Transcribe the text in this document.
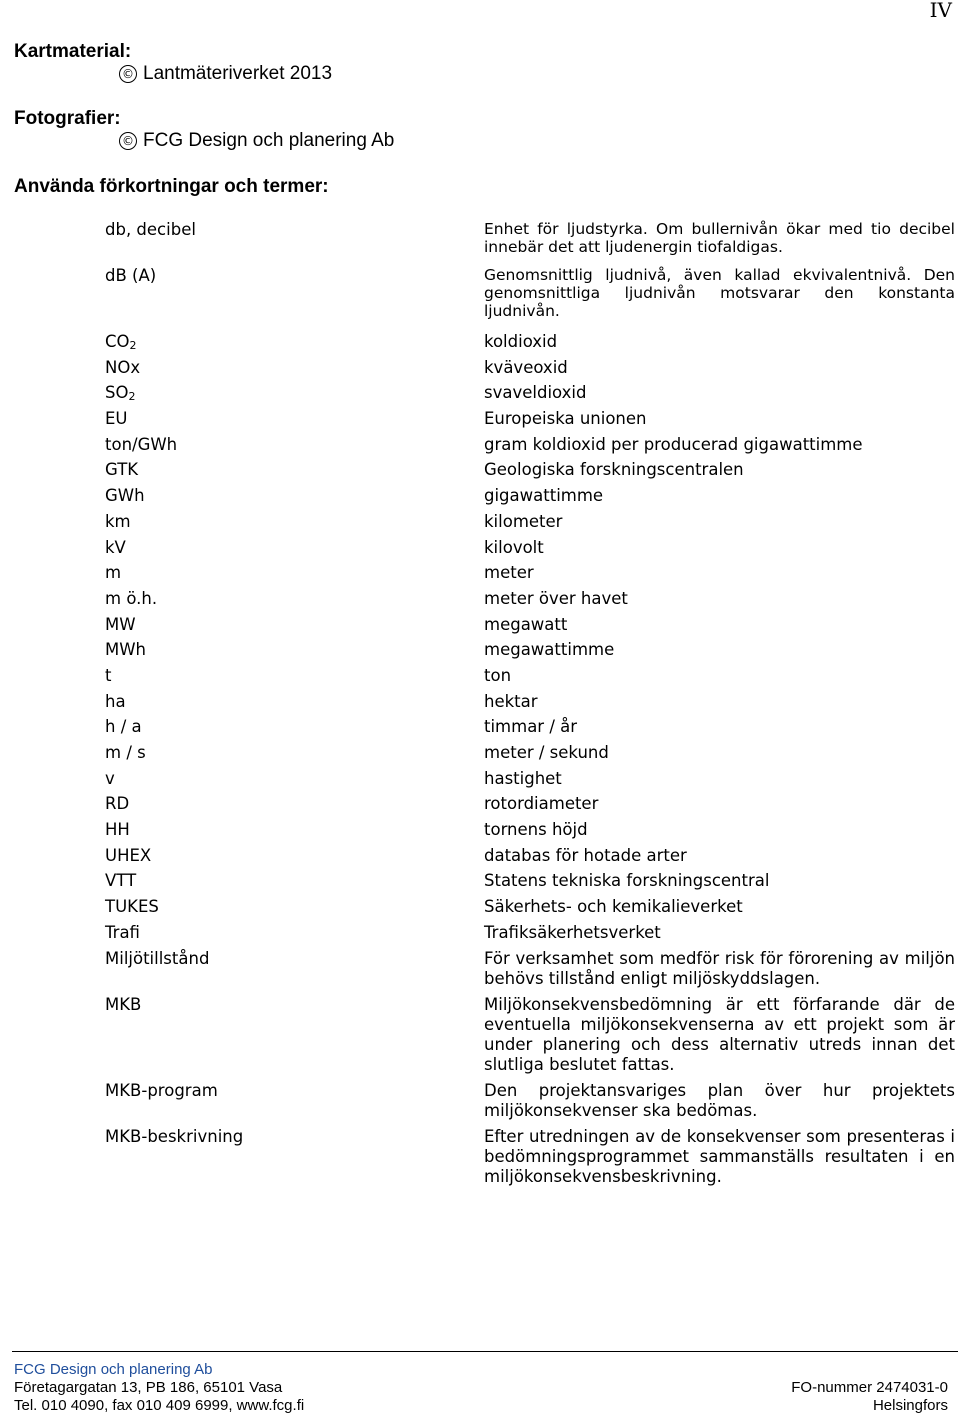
IV
Kartmaterial:
© Lantmäteriverket 2013
Fotografier:
© FCG Design och planering Ab
Använda förkortningar och termer:
db, decibel	Enhet för ljudstyrka. Om bullernivån ökar med tio decibel innebär det att ljudenergin tiofaldigas.
dB (A)	Genomsnittlig ljudnivå, även kallad ekvivalentnivå. Den genomsnittliga ljudnivån motsvarar den konstanta ljudnivån.
$CO_2$	koldioxid
NOx	kväveoxid
$SO_2$	svaveldioxid
EU	Europeiska unionen
ton/GWh	gram koldioxid per producerad gigawattimme
GTK	Geologiska forskningscentralen
GWh	gigawattimme
km	kilometer
kV	kilovolt
m	meter
m ö.h.	meter över havet
MW	megawatt
MWh	megawattimme
t	ton
ha	hektar
h / a	timmar / år
m / s	meter / sekund
v	hastighet
RD	rotordiameter
HH	tornens höjd
UHEX	databas för hotade arter
VTT	Statens tekniska forskningscentral
TUKES	Säkerhets- och kemikalieverket
Trafi	Trafiksäkerhetsverket
Miljötillstånd	För verksamhet som medför risk för förorening av miljön behövs tillstånd enligt miljöskyddslagen.
MKB	Miljökonsekvensbedömning är ett förfarande där de eventuella miljökonsekvenserna av ett projekt som är under planering och dess alternativ utreds innan det slutliga beslutet fattas.
MKB-program	Den projektansvariges plan över hur projektets miljökonsekvenser ska bedömas.
MKB-beskrivning	Efter utredningen av de konsekvenser som presenteras i bedömningsprogrammet sammanställs resultaten i en miljökonsekvensbeskrivning.
FCG Design och planering Ab
Företagargatan 13, PB 186, 65101 Vasa
Tel. 010 4090, fax 010 409 6999, www.fcg.fi
FO-nummer 2474031-0
Helsingfors
